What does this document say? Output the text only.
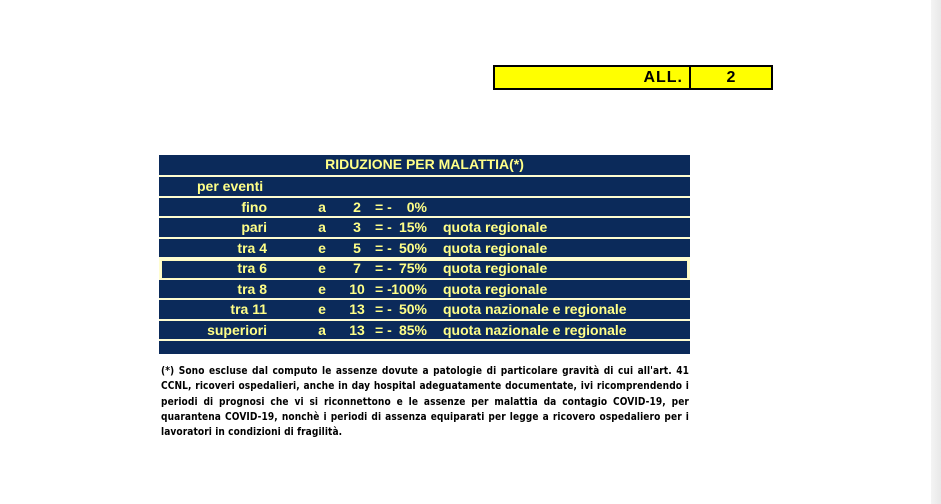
ALL.	2
RIDUZIONE PER MALATTIA(*)
per eventi
fino	a	2	= - 0%
pari	a	3	= - 15% quota regionale
tra 4	e	5	= - 50% quota regionale
tra 6	e	7	= - 75% quota regionale
tra 8	e	10 = - 100% quota regionale
tra 11	e	13 = - 50% quota nazionale e regionale
superiori	a	13 = - 85% quota nazionale e regionale
(*) Sono escluse dal computo le assenze dovute a patologie di particolare gravità di cui all'art. 41 CCNL, ricoveri ospedalieri, anche in day hospital adeguatamente documentate, ivi ricomprendendo i periodi di prognosi che vi si riconnettono e le assenze per malattia da contagio COVID-19, per quarantena COVID-19, nonchè i periodi di assenza equiparati per legge a ricovero ospedaliero per i lavoratori in condizioni di fragilità.
